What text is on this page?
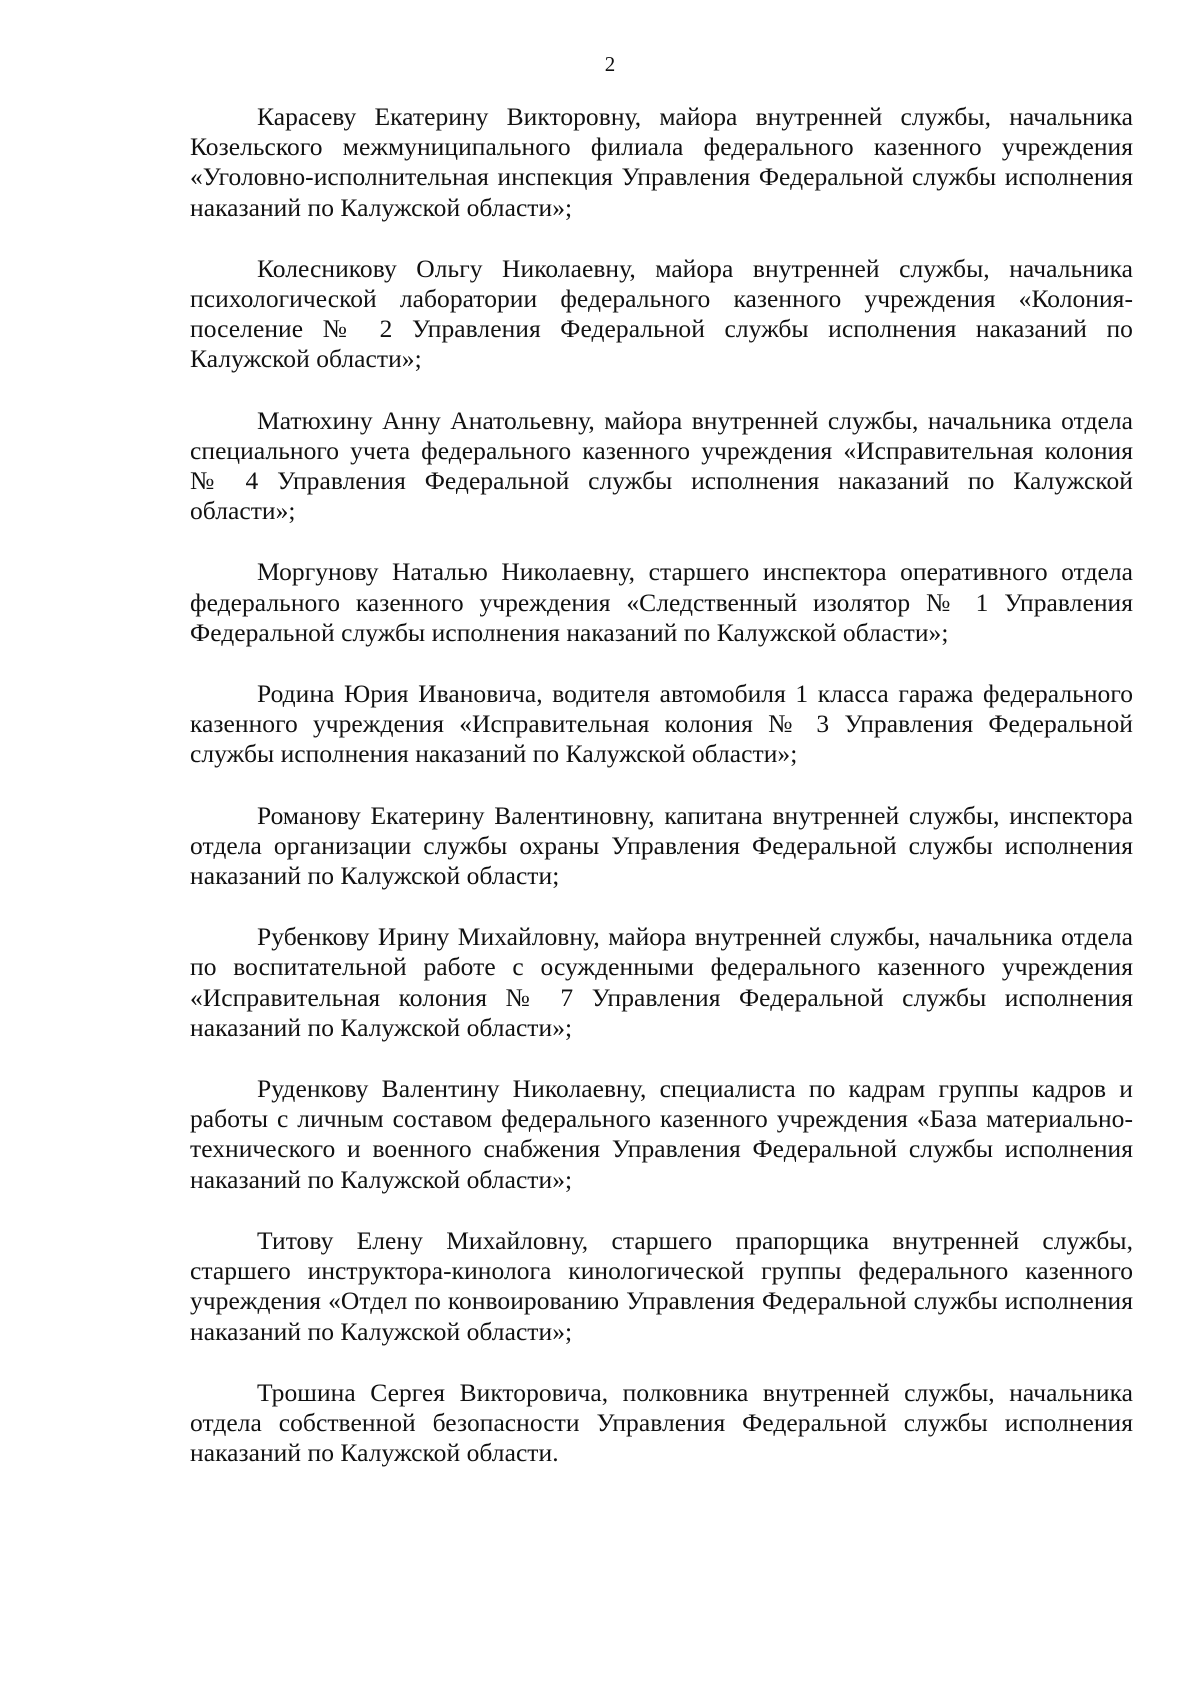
2

Карасеву Екатерину Викторовну, майора внутренней службы, начальника Козельского межмуниципального филиала федерального казенного учреждения «Уголовно-исполнительная инспекция Управления Федеральной службы исполнения наказаний по Калужской области»;

Колесникову Ольгу Николаевну, майора внутренней службы, начальника психологической лаборатории федерального казенного учреждения «Колония-поселение № 2 Управления Федеральной службы исполнения наказаний по Калужской области»;

Матюхину Анну Анатольевну, майора внутренней службы, начальника отдела специального учета федерального казенного учреждения «Исправительная колония № 4 Управления Федеральной службы исполнения наказаний по Калужской области»;

Моргунову Наталью Николаевну, старшего инспектора оперативного отдела федерального казенного учреждения «Следственный изолятор № 1 Управления Федеральной службы исполнения наказаний по Калужской области»;

Родина Юрия Ивановича, водителя автомобиля 1 класса гаража федерального казенного учреждения «Исправительная колония № 3 Управления Федеральной службы исполнения наказаний по Калужской области»;

Романову Екатерину Валентиновну, капитана внутренней службы, инспектора отдела организации службы охраны Управления Федеральной службы исполнения наказаний по Калужской области;

Рубенкову Ирину Михайловну, майора внутренней службы, начальника отдела по воспитательной работе с осужденными федерального казенного учреждения «Исправительная колония № 7 Управления Федеральной службы исполнения наказаний по Калужской области»;

Руденкову Валентину Николаевну, специалиста по кадрам группы кадров и работы с личным составом федерального казенного учреждения «База материально-технического и военного снабжения Управления Федеральной службы исполнения наказаний по Калужской области»;

Титову Елену Михайловну, старшего прапорщика внутренней службы, старшего инструктора-кинолога кинологической группы федерального казенного учреждения «Отдел по конвоированию Управления Федеральной службы исполнения наказаний по Калужской области»;

Трошина Сергея Викторовича, полковника внутренней службы, начальника отдела собственной безопасности Управления Федеральной службы исполнения наказаний по Калужской области.
